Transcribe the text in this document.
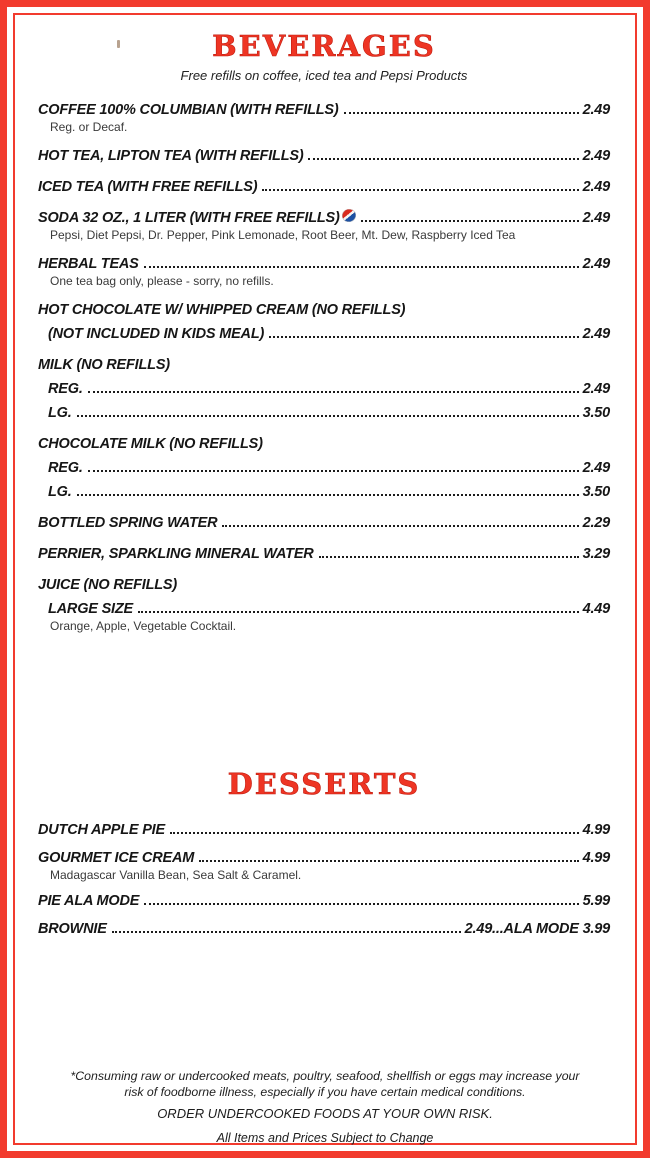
BEVERAGES
Free refills on coffee, iced tea and Pepsi Products
COFFEE 100% COLUMBIAN (WITH REFILLS)	2.49
Reg. or Decaf.
HOT TEA, LIPTON TEA (WITH REFILLS)	2.49
ICED TEA (WITH FREE REFILLS)	2.49
SODA 32 OZ., 1 LITER (WITH FREE REFILLS)	2.49
Pepsi, Diet Pepsi, Dr. Pepper, Pink Lemonade, Root Beer, Mt. Dew, Raspberry Iced Tea
HERBAL TEAS	2.49
One tea bag only, please - sorry, no refills.
HOT CHOCOLATE W/ WHIPPED CREAM (NO REFILLS)
(NOT INCLUDED IN KIDS MEAL)	2.49
MILK (NO REFILLS)
REG.	2.49
LG.	3.50
CHOCOLATE MILK (NO REFILLS)
REG.	2.49
LG.	3.50
BOTTLED SPRING WATER	2.29
PERRIER, SPARKLING MINERAL WATER	3.29
JUICE (NO REFILLS)
LARGE SIZE	4.49
Orange, Apple, Vegetable Cocktail.
DESSERTS
DUTCH APPLE PIE	4.99
GOURMET ICE CREAM	4.99
Madagascar Vanilla Bean, Sea Salt & Caramel.
PIE ALA MODE	5.99
BROWNIE	2.49...ALA MODE 3.99
*Consuming raw or undercooked meats, poultry, seafood, shellfish or eggs may increase your
risk of foodborne illness, especially if you have certain medical conditions.
ORDER UNDERCOOKED FOODS AT YOUR OWN RISK.
All Items and Prices Subject to Change
